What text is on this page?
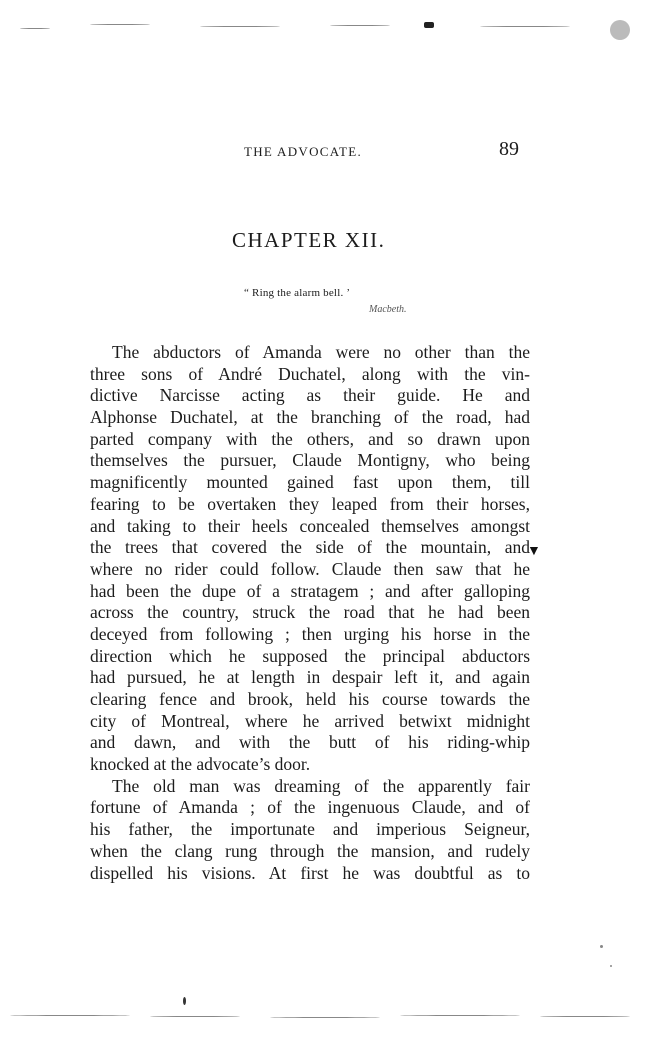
THE ADVOCATE.	89
CHAPTER XII.
“ Ring the alarm bell. ’
Macbeth.
The abductors of Amanda were no other than the
three sons of André Duchatel, along with the vin-
dictive Narcisse acting as their guide. He and
Alphonse Duchatel, at the branching of the road, had
parted company with the others, and so drawn upon
themselves the pursuer, Claude Montigny, who being
magnificently mounted gained fast upon them, till
fearing to be overtaken they leaped from their horses,
and taking to their heels concealed themselves amongst
the trees that covered the side of the mountain, and
where no rider could follow. Claude then saw that he
had been the dupe of a stratagem ; and after galloping
across the country, struck the road that he had been
deceyed from following ; then urging his horse in the
direction which he supposed the principal abductors
had pursued, he at length in despair left it, and again
clearing fence and brook, held his course towards the
city of Montreal, where he arrived betwixt midnight
and dawn, and with the butt of his riding-whip
knocked at the advocate’s door.
The old man was dreaming of the apparently fair
fortune of Amanda ; of the ingenuous Claude, and of
his father, the importunate and imperious Seigneur,
when the clang rung through the mansion, and rudely
dispelled his visions. At first he was doubtful as to
▼
